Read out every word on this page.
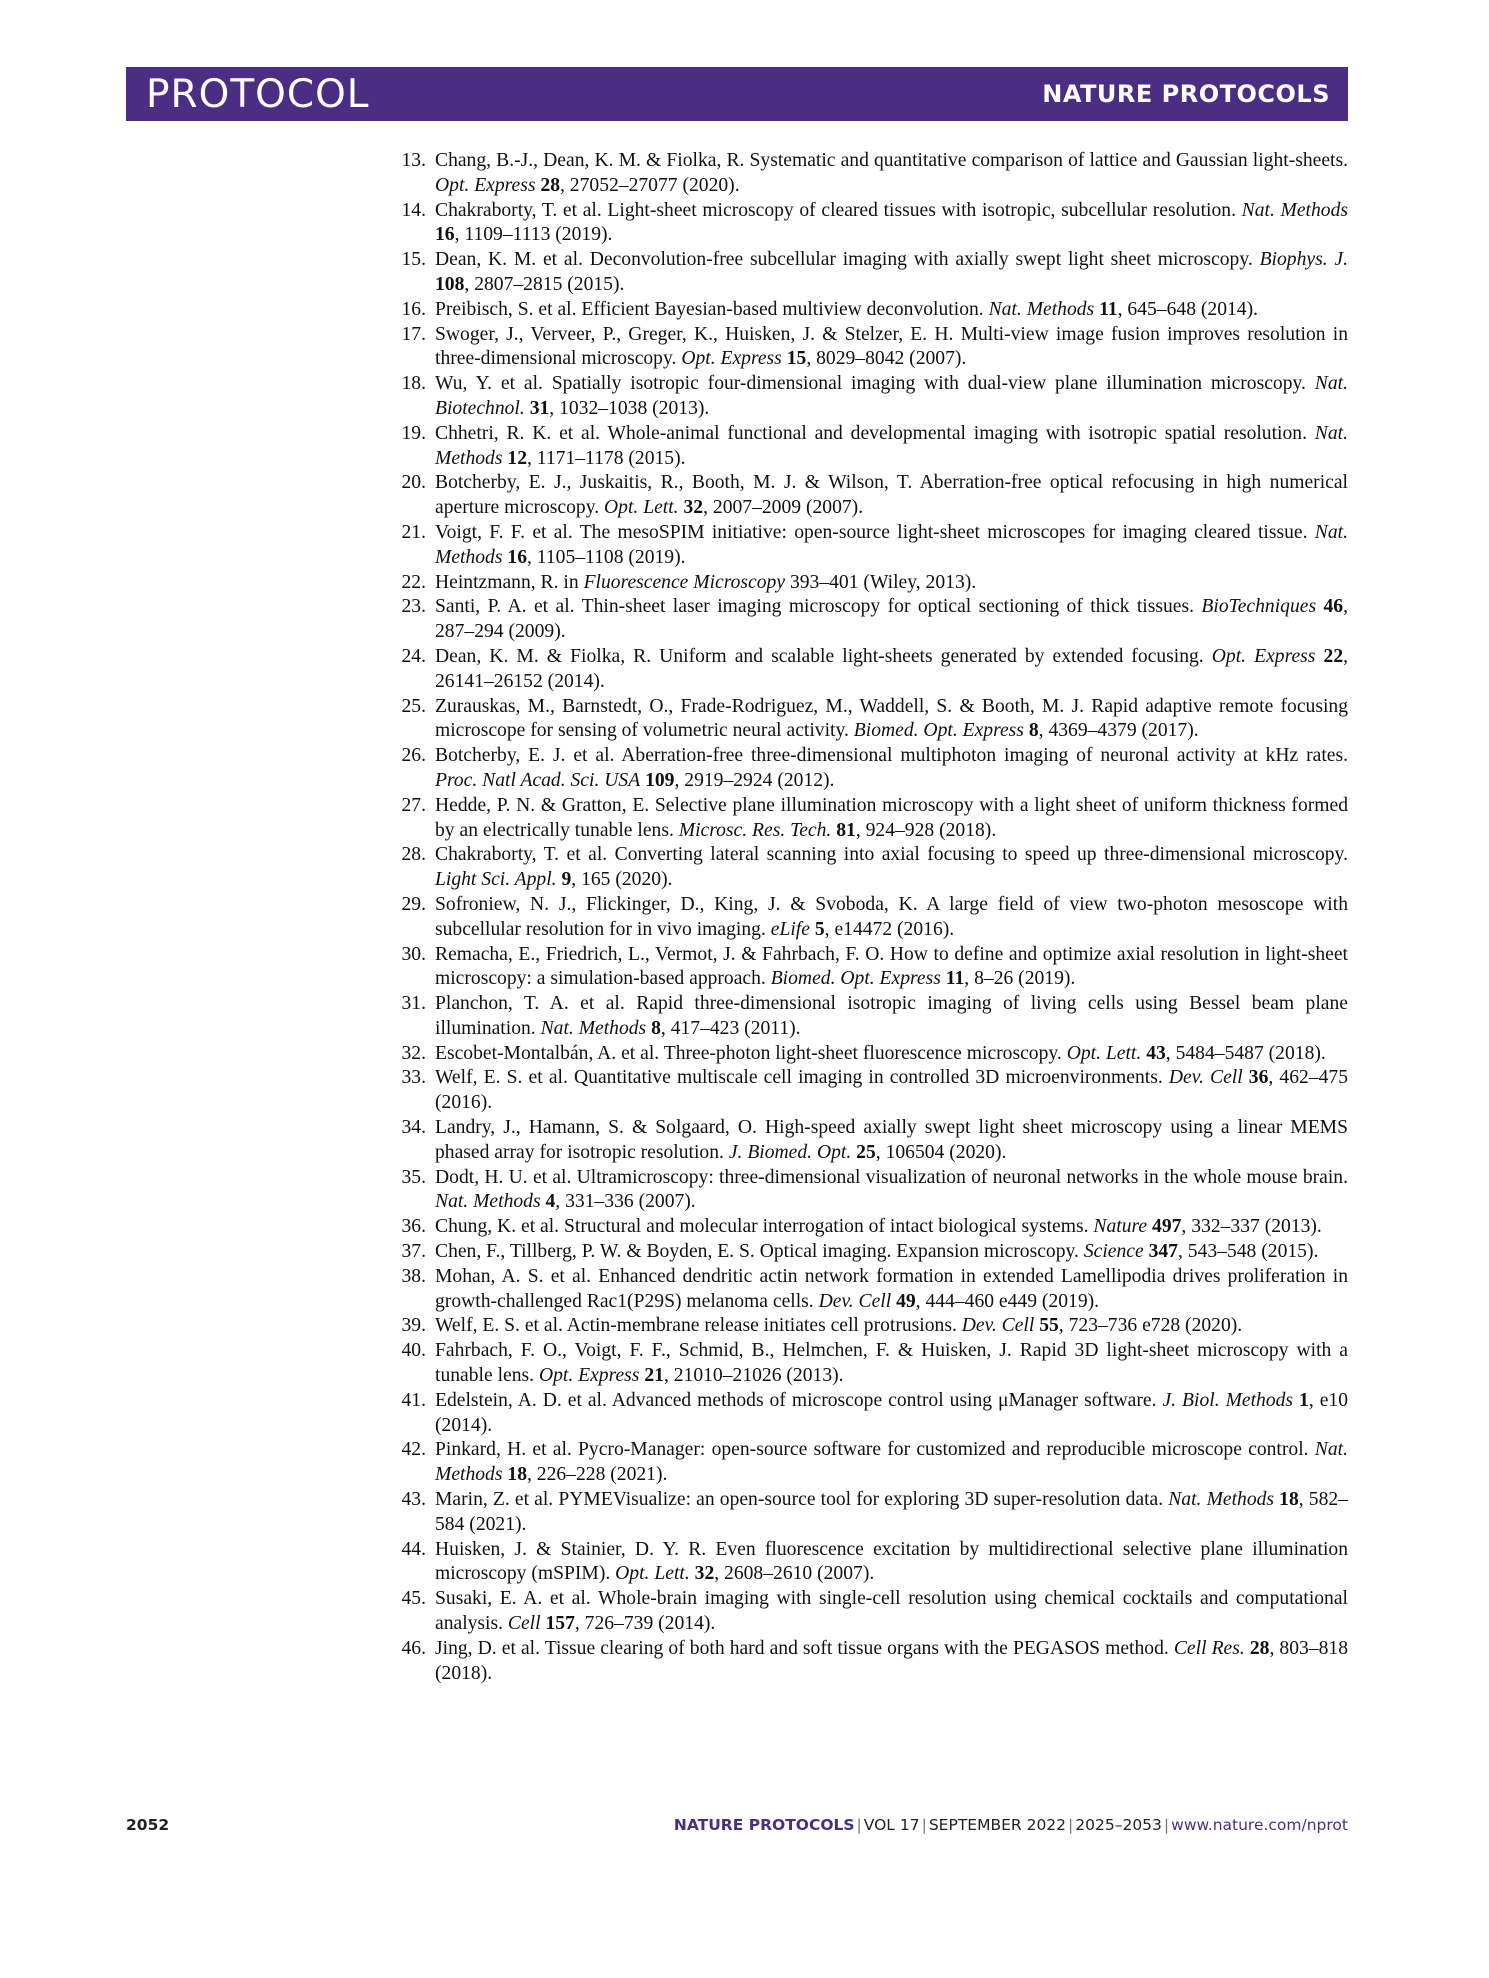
PROTOCOL	NATURE PROTOCOLS
13. Chang, B.-J., Dean, K. M. & Fiolka, R. Systematic and quantitative comparison of lattice and Gaussian light-sheets. Opt. Express 28, 27052–27077 (2020).
14. Chakraborty, T. et al. Light-sheet microscopy of cleared tissues with isotropic, subcellular resolution. Nat. Methods 16, 1109–1113 (2019).
15. Dean, K. M. et al. Deconvolution-free subcellular imaging with axially swept light sheet microscopy. Biophys. J. 108, 2807–2815 (2015).
16. Preibisch, S. et al. Efficient Bayesian-based multiview deconvolution. Nat. Methods 11, 645–648 (2014).
17. Swoger, J., Verveer, P., Greger, K., Huisken, J. & Stelzer, E. H. Multi-view image fusion improves resolution in three-dimensional microscopy. Opt. Express 15, 8029–8042 (2007).
18. Wu, Y. et al. Spatially isotropic four-dimensional imaging with dual-view plane illumination microscopy. Nat. Biotechnol. 31, 1032–1038 (2013).
19. Chhetri, R. K. et al. Whole-animal functional and developmental imaging with isotropic spatial resolution. Nat. Methods 12, 1171–1178 (2015).
20. Botcherby, E. J., Juskaitis, R., Booth, M. J. & Wilson, T. Aberration-free optical refocusing in high numerical aperture microscopy. Opt. Lett. 32, 2007–2009 (2007).
21. Voigt, F. F. et al. The mesoSPIM initiative: open-source light-sheet microscopes for imaging cleared tissue. Nat. Methods 16, 1105–1108 (2019).
22. Heintzmann, R. in Fluorescence Microscopy 393–401 (Wiley, 2013).
23. Santi, P. A. et al. Thin-sheet laser imaging microscopy for optical sectioning of thick tissues. BioTechniques 46, 287–294 (2009).
24. Dean, K. M. & Fiolka, R. Uniform and scalable light-sheets generated by extended focusing. Opt. Express 22, 26141–26152 (2014).
25. Zurauskas, M., Barnstedt, O., Frade-Rodriguez, M., Waddell, S. & Booth, M. J. Rapid adaptive remote focusing microscope for sensing of volumetric neural activity. Biomed. Opt. Express 8, 4369–4379 (2017).
26. Botcherby, E. J. et al. Aberration-free three-dimensional multiphoton imaging of neuronal activity at kHz rates. Proc. Natl Acad. Sci. USA 109, 2919–2924 (2012).
27. Hedde, P. N. & Gratton, E. Selective plane illumination microscopy with a light sheet of uniform thickness formed by an electrically tunable lens. Microsc. Res. Tech. 81, 924–928 (2018).
28. Chakraborty, T. et al. Converting lateral scanning into axial focusing to speed up three-dimensional microscopy. Light Sci. Appl. 9, 165 (2020).
29. Sofroniew, N. J., Flickinger, D., King, J. & Svoboda, K. A large field of view two-photon mesoscope with subcellular resolution for in vivo imaging. eLife 5, e14472 (2016).
30. Remacha, E., Friedrich, L., Vermot, J. & Fahrbach, F. O. How to define and optimize axial resolution in light-sheet microscopy: a simulation-based approach. Biomed. Opt. Express 11, 8–26 (2019).
31. Planchon, T. A. et al. Rapid three-dimensional isotropic imaging of living cells using Bessel beam plane illumination. Nat. Methods 8, 417–423 (2011).
32. Escobet-Montalbán, A. et al. Three-photon light-sheet fluorescence microscopy. Opt. Lett. 43, 5484–5487 (2018).
33. Welf, E. S. et al. Quantitative multiscale cell imaging in controlled 3D microenvironments. Dev. Cell 36, 462–475 (2016).
34. Landry, J., Hamann, S. & Solgaard, O. High-speed axially swept light sheet microscopy using a linear MEMS phased array for isotropic resolution. J. Biomed. Opt. 25, 106504 (2020).
35. Dodt, H. U. et al. Ultramicroscopy: three-dimensional visualization of neuronal networks in the whole mouse brain. Nat. Methods 4, 331–336 (2007).
36. Chung, K. et al. Structural and molecular interrogation of intact biological systems. Nature 497, 332–337 (2013).
37. Chen, F., Tillberg, P. W. & Boyden, E. S. Optical imaging. Expansion microscopy. Science 347, 543–548 (2015).
38. Mohan, A. S. et al. Enhanced dendritic actin network formation in extended Lamellipodia drives proliferation in growth-challenged Rac1(P29S) melanoma cells. Dev. Cell 49, 444–460 e449 (2019).
39. Welf, E. S. et al. Actin-membrane release initiates cell protrusions. Dev. Cell 55, 723–736 e728 (2020).
40. Fahrbach, F. O., Voigt, F. F., Schmid, B., Helmchen, F. & Huisken, J. Rapid 3D light-sheet microscopy with a tunable lens. Opt. Express 21, 21010–21026 (2013).
41. Edelstein, A. D. et al. Advanced methods of microscope control using μManager software. J. Biol. Methods 1, e10 (2014).
42. Pinkard, H. et al. Pycro-Manager: open-source software for customized and reproducible microscope control. Nat. Methods 18, 226–228 (2021).
43. Marin, Z. et al. PYMEVisualize: an open-source tool for exploring 3D super-resolution data. Nat. Methods 18, 582–584 (2021).
44. Huisken, J. & Stainier, D. Y. R. Even fluorescence excitation by multidirectional selective plane illumination microscopy (mSPIM). Opt. Lett. 32, 2608–2610 (2007).
45. Susaki, E. A. et al. Whole-brain imaging with single-cell resolution using chemical cocktails and computational analysis. Cell 157, 726–739 (2014).
46. Jing, D. et al. Tissue clearing of both hard and soft tissue organs with the PEGASOS method. Cell Res. 28, 803–818 (2018).
2052	NATURE PROTOCOLS | VOL 17 | SEPTEMBER 2022 | 2025–2053 | www.nature.com/nprot
